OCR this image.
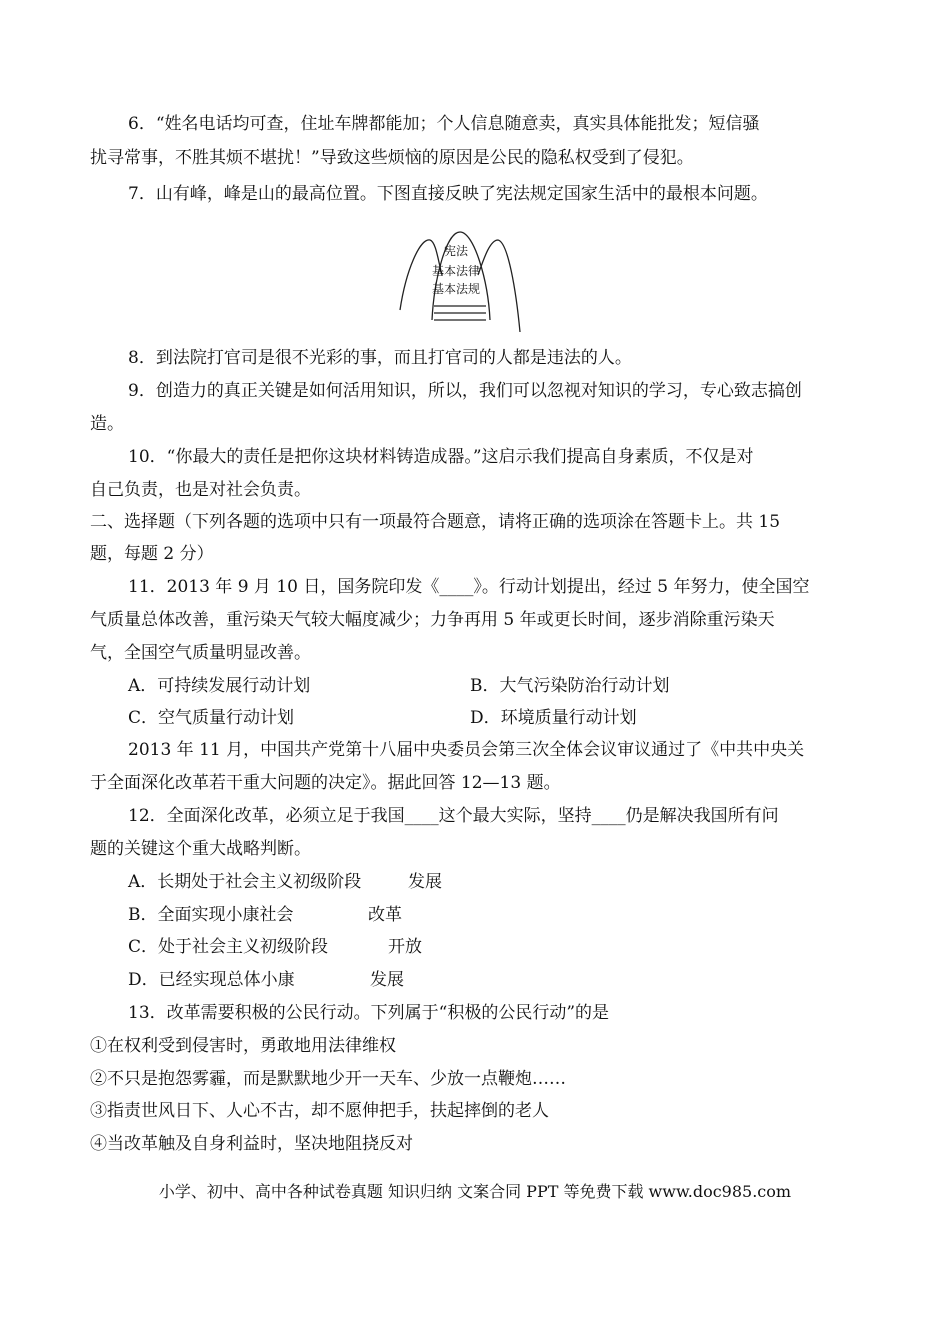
6．“姓名电话均可查，住址车牌都能加；个人信息随意卖，真实具体能批发；短信骚
扰寻常事，不胜其烦不堪扰！”导致这些烦恼的原因是公民的隐私权受到了侵犯。
7．山有峰，峰是山的最高位置。下图直接反映了宪法规定国家生活中的最根本问题。
宪法
基本法律
基本法规
8．到法院打官司是很不光彩的事，而且打官司的人都是违法的人。
9．创造力的真正关键是如何活用知识，所以，我们可以忽视对知识的学习，专心致志搞创
造。
10．“你最大的责任是把你这块材料铸造成器。”这启示我们提高自身素质，不仅是对
自己负责，也是对社会负责。
二、选择题（下列各题的选项中只有一项最符合题意，请将正确的选项涂在答题卡上。共 15
题，每题 2 分）
11．2013 年 9 月 10 日，国务院印发《____》。行动计划提出，经过 5 年努力，使全国空
气质量总体改善，重污染天气较大幅度减少；力争再用 5 年或更长时间，逐步消除重污染天
气，全国空气质量明显改善。
A．可持续发展行动计划	B．大气污染防治行动计划
C．空气质量行动计划	D．环境质量行动计划
2013 年 11 月，中国共产党第十八届中央委员会第三次全体会议审议通过了《中共中央关
于全面深化改革若干重大问题的决定》。据此回答 12—13 题。
12．全面深化改革，必须立足于我国____这个最大实际，坚持____仍是解决我国所有问
题的关键这个重大战略判断。
A．长期处于社会主义初级阶段	发展
B．全面实现小康社会	改革
C．处于社会主义初级阶段	开放
D．已经实现总体小康	发展
13．改革需要积极的公民行动。下列属于“积极的公民行动”的是
①在权利受到侵害时，勇敢地用法律维权
②不只是抱怨雾霾，而是默默地少开一天车、少放一点鞭炮……
③指责世风日下、人心不古，却不愿伸把手，扶起摔倒的老人
④当改革触及自身利益时，坚决地阻挠反对
小学、初中、高中各种试卷真题 知识归纳 文案合同 PPT 等免费下载 www.doc985.com
